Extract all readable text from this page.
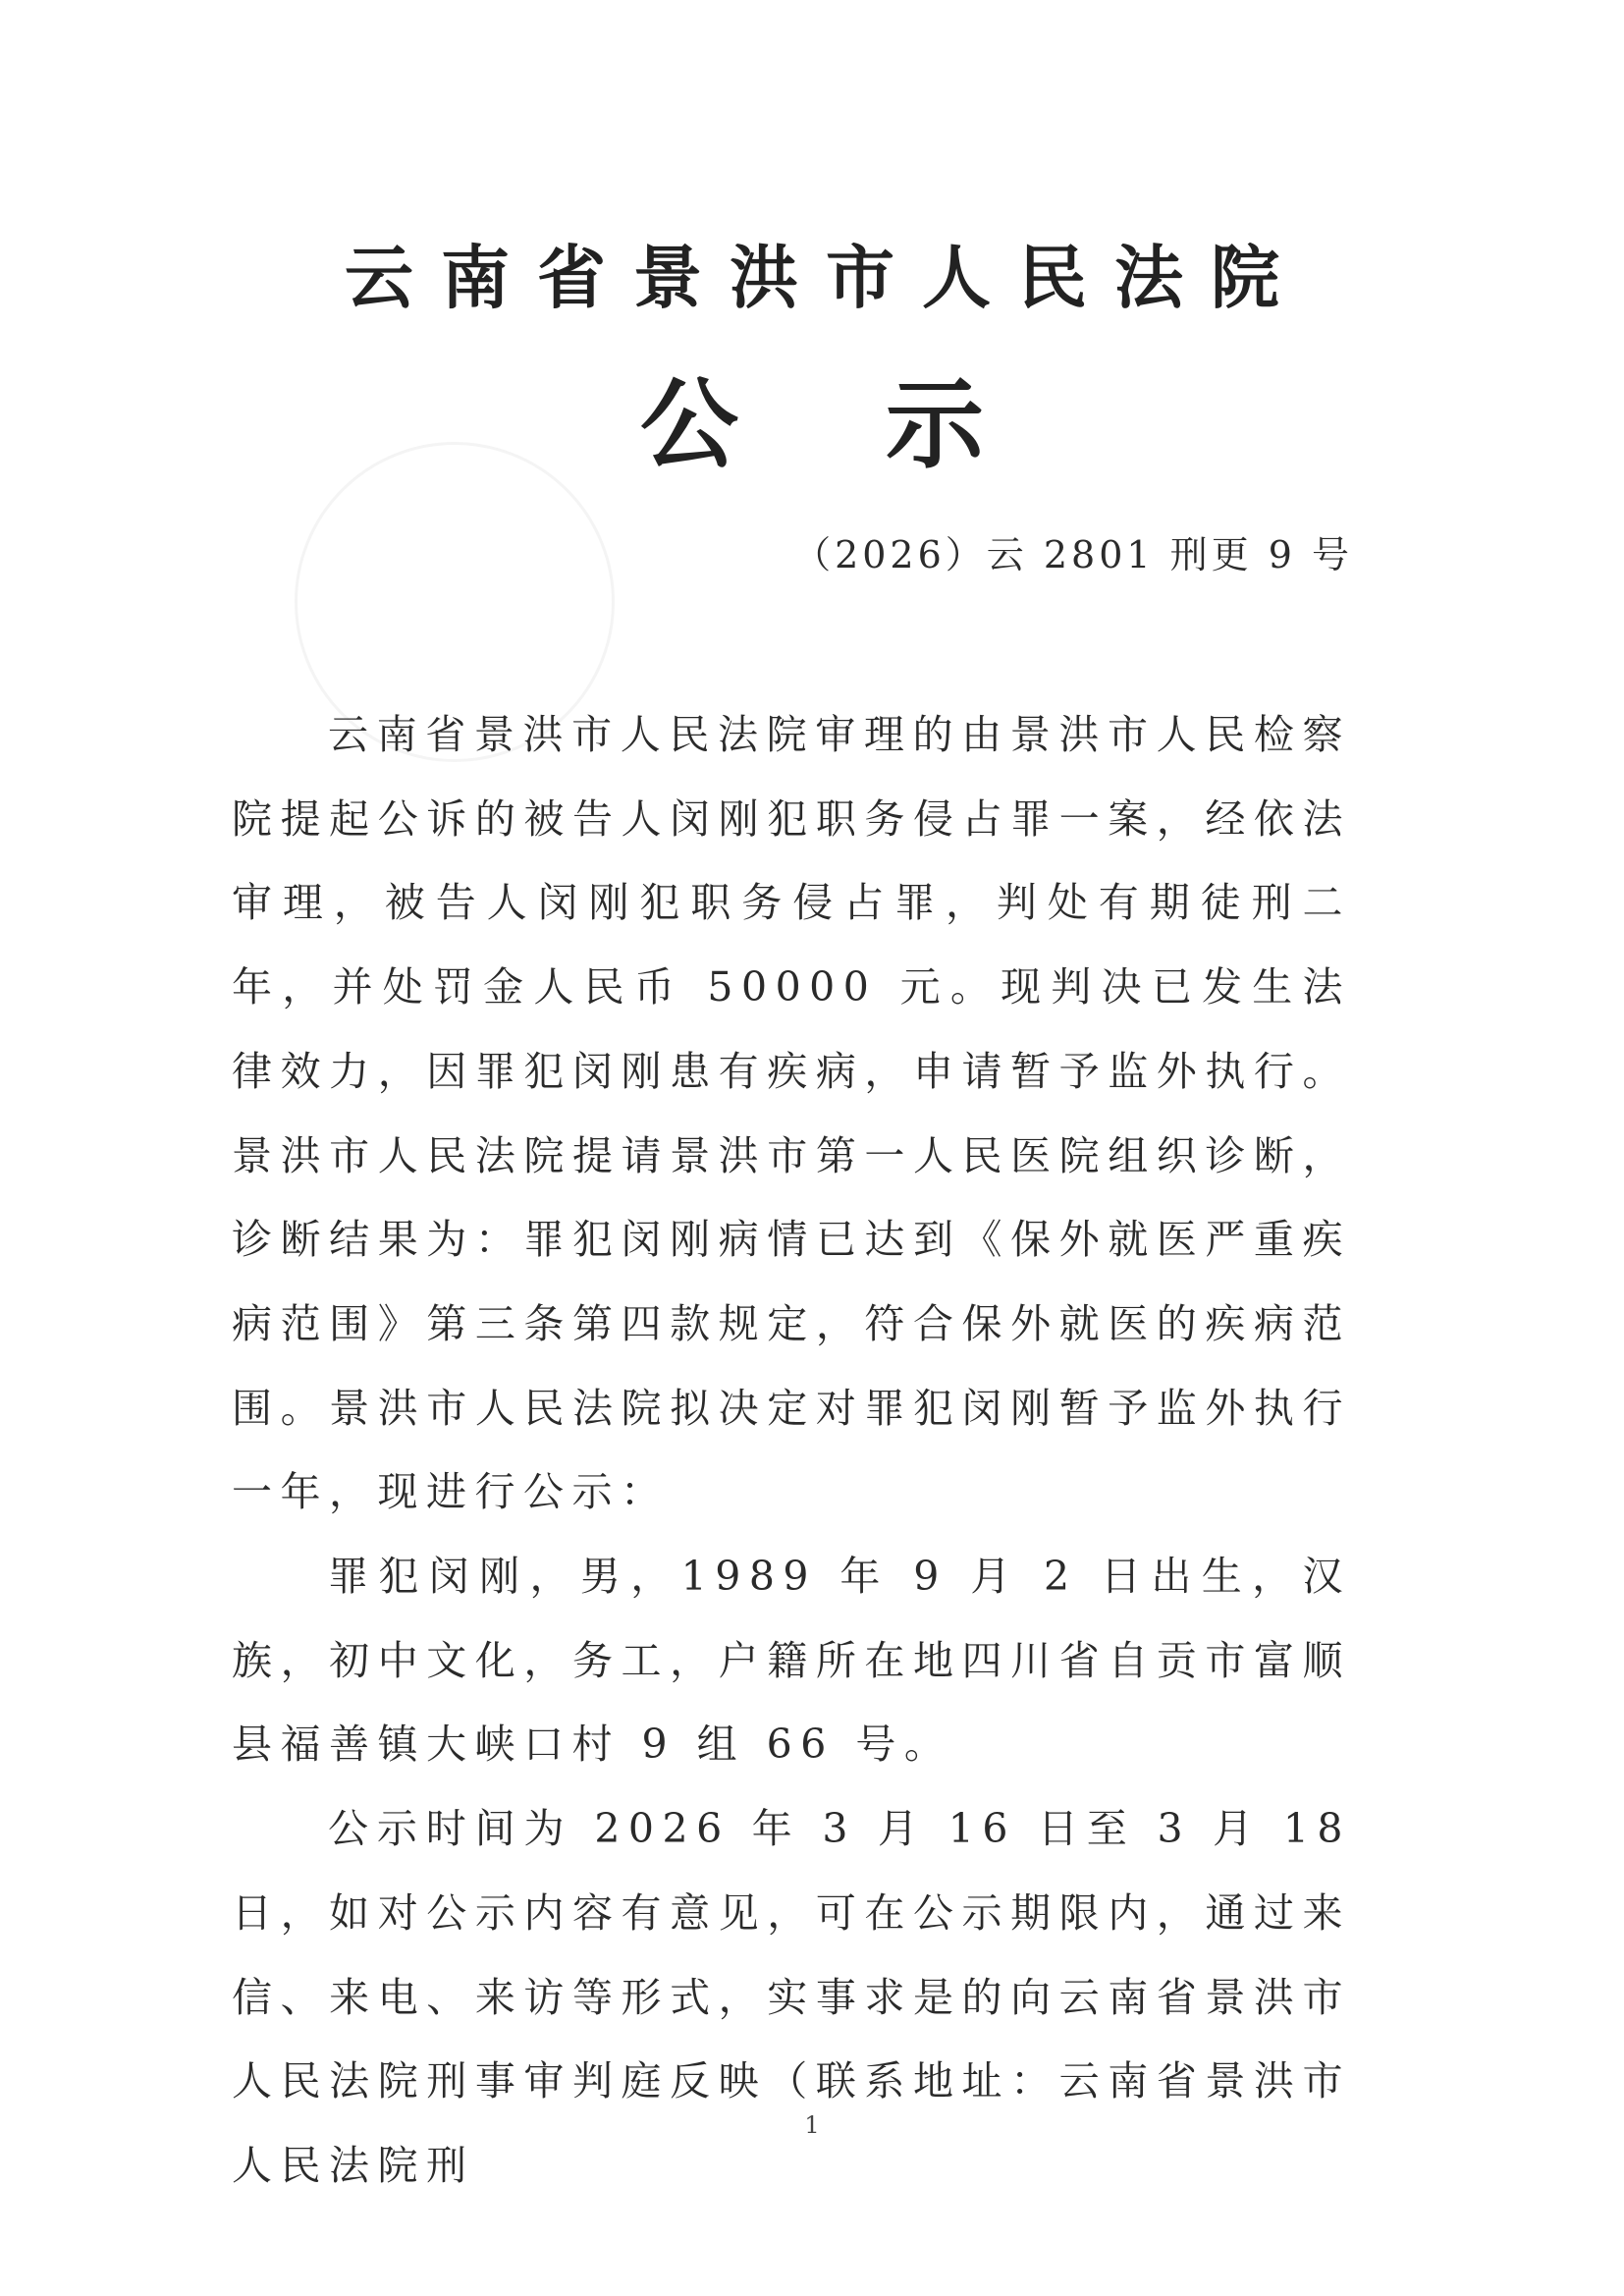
云南省景洪市人民法院
公示
（2026）云 2801 刑更 9 号

云南省景洪市人民法院审理的由景洪市人民检察院提起公诉的被告人闵刚犯职务侵占罪一案，经依法审理，被告人闵刚犯职务侵占罪，判处有期徒刑二年，并处罚金人民币 50000 元。现判决已发生法律效力，因罪犯闵刚患有疾病，申请暂予监外执行。景洪市人民法院提请景洪市第一人民医院组织诊断，诊断结果为：罪犯闵刚病情已达到《保外就医严重疾病范围》第三条第四款规定，符合保外就医的疾病范围。景洪市人民法院拟决定对罪犯闵刚暂予监外执行一年，现进行公示：

罪犯闵刚，男，1989 年 9 月 2 日出生，汉族，初中文化，务工，户籍所在地四川省自贡市富顺县福善镇大峡口村 9 组 66 号。

公示时间为 2026 年 3 月 16 日至 3 月 18 日，如对公示内容有意见，可在公示期限内，通过来信、来电、来访等形式，实事求是的向云南省景洪市人民法院刑事审判庭反映（联系地址：云南省景洪市人民法院刑

1
